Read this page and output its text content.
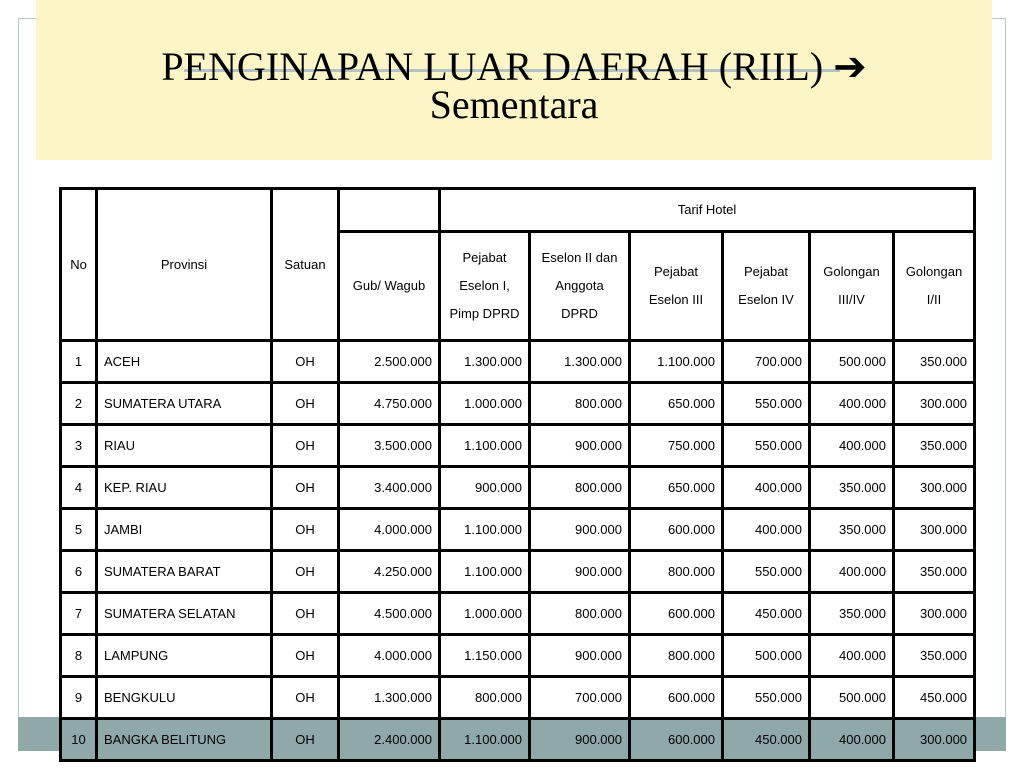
PENGINAPAN LUAR DAERAH (RIIL) ➔
Sementara
No	Provinsi	Satuan		Tarif Hotel					
			Gub/ Wagub	Pejabat Eselon I, Pimp DPRD	Eselon II dan Anggota DPRD	Pejabat Eselon III	Pejabat Eselon IV	Golongan III/IV	Golongan I/II
1	ACEH	OH	2.500.000	1.300.000	1.300.000	1.100.000	700.000	500.000	350.000
2	SUMATERA UTARA	OH	4.750.000	1.000.000	800.000	650.000	550.000	400.000	300.000
3	RIAU	OH	3.500.000	1.100.000	900.000	750.000	550.000	400.000	350.000
4	KEP. RIAU	OH	3.400.000	900.000	800.000	650.000	400.000	350.000	300.000
5	JAMBI	OH	4.000.000	1.100.000	900.000	600.000	400.000	350.000	300.000
6	SUMATERA BARAT	OH	4.250.000	1.100.000	900.000	800.000	550.000	400.000	350.000
7	SUMATERA SELATAN	OH	4.500.000	1.000.000	800.000	600.000	450.000	350.000	300.000
8	LAMPUNG	OH	4.000.000	1.150.000	900.000	800.000	500.000	400.000	350.000
9	BENGKULU	OH	1.300.000	800.000	700.000	600.000	550.000	500.000	450.000
10	BANGKA BELITUNG	OH	2.400.000	1.100.000	900.000	600.000	450.000	400.000	300.000
